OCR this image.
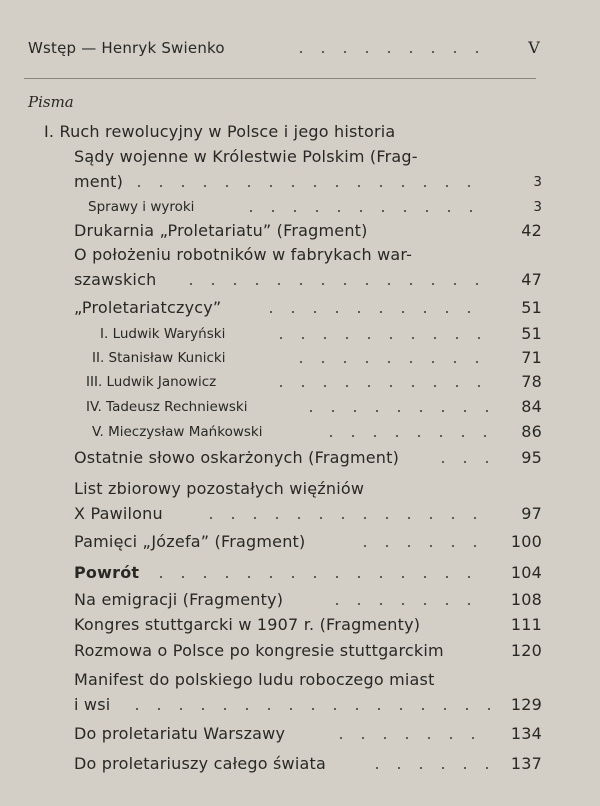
Wstęp — Henryk Swienko	V
Pisma
I. Ruch rewolucyjny w Polsce i jego historia
Sądy wojenne w Królestwie Polskim (Frag-
ment)	3
Sprawy i wyroki	3
Drukarnia „Proletariatu” (Fragment)	42
O położeniu robotników w fabrykach war-
szawskich	47
„Proletariatczycy”	51
I. Ludwik Waryński	51
II. Stanisław Kunicki	71
III. Ludwik Janowicz	78
IV. Tadeusz Rechniewski	84
V. Mieczysław Mańkowski	86
Ostatnie słowo oskarżonych (Fragment)	95
List zbiorowy pozostałych więźniów
X Pawilonu	97
Pamięci „Józefa” (Fragment)	100
Powrót	104
Na emigracji (Fragmenty)	108
Kongres stuttgarcki w 1907 r. (Fragmenty)	111
Rozmowa o Polsce po kongresie stuttgarckim	120
Manifest do polskiego ludu roboczego miast
i wsi	129
Do proletariatu Warszawy	134
Do proletariuszy całego świata	137
